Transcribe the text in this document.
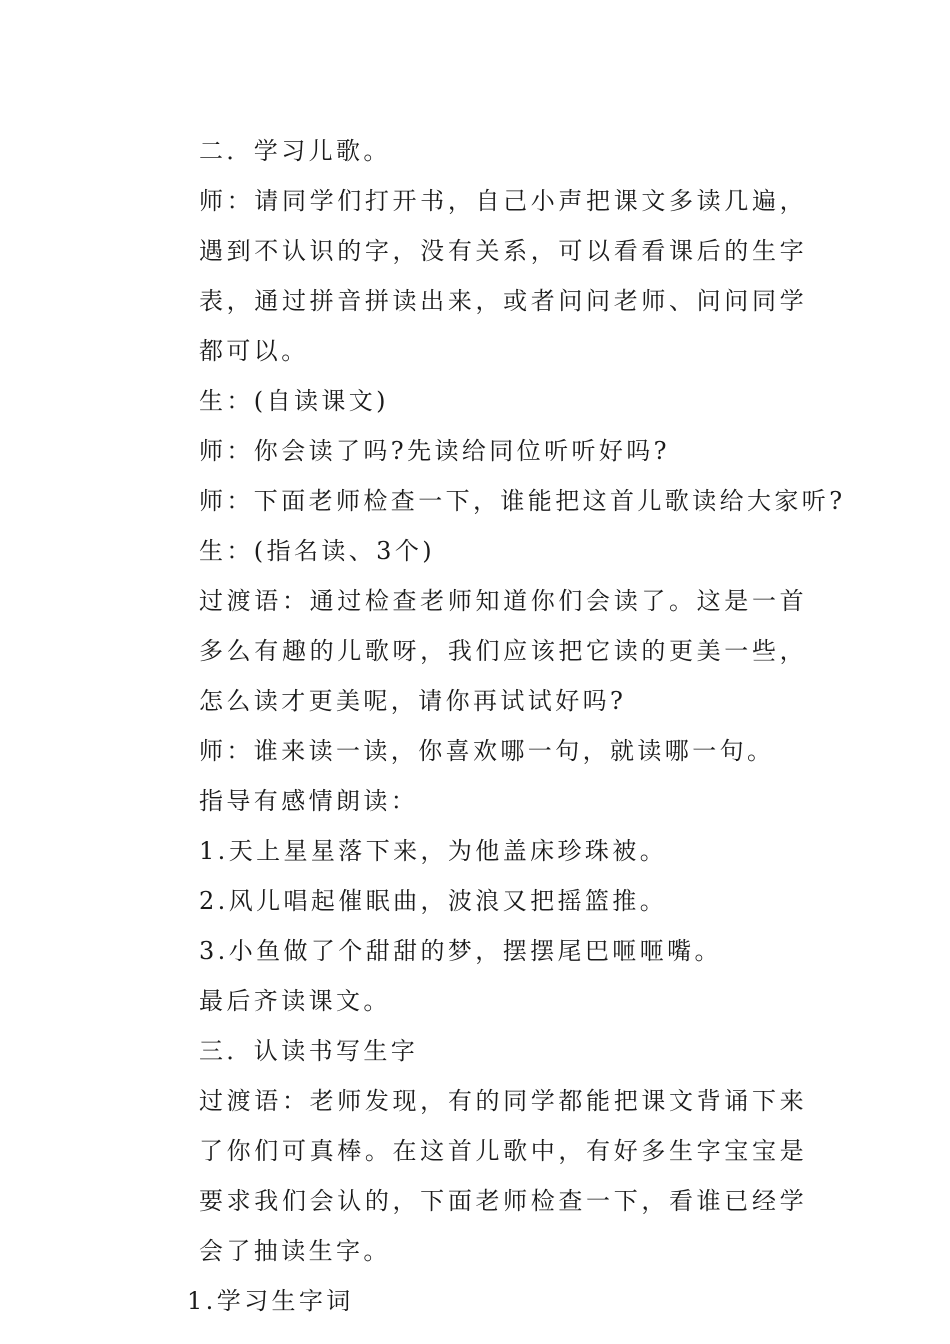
二．学习儿歌。

师：请同学们打开书，自己小声把课文多读几遍，遇到不认识的字，没有关系，可以看看课后的生字表，通过拼音拼读出来，或者问问老师、问问同学都可以。

生：(自读课文)

师：你会读了吗?先读给同位听听好吗?

师：下面老师检查一下，谁能把这首儿歌读给大家听?

生：(指名读、3个)

过渡语：通过检查老师知道你们会读了。这是一首多么有趣的儿歌呀，我们应该把它读的更美一些，怎么读才更美呢，请你再试试好吗?

师：谁来读一读，你喜欢哪一句，就读哪一句。

指导有感情朗读：

1.天上星星落下来，为他盖床珍珠被。

2.风儿唱起催眠曲，波浪又把摇篮推。

3.小鱼做了个甜甜的梦，摆摆尾巴咂咂嘴。

最后齐读课文。

三．认读书写生字

过渡语：老师发现，有的同学都能把课文背诵下来了你们可真棒。在这首儿歌中，有好多生字宝宝是要求我们会认的，下面老师检查一下，看谁已经学会了抽读生字。

1.学习生字词
